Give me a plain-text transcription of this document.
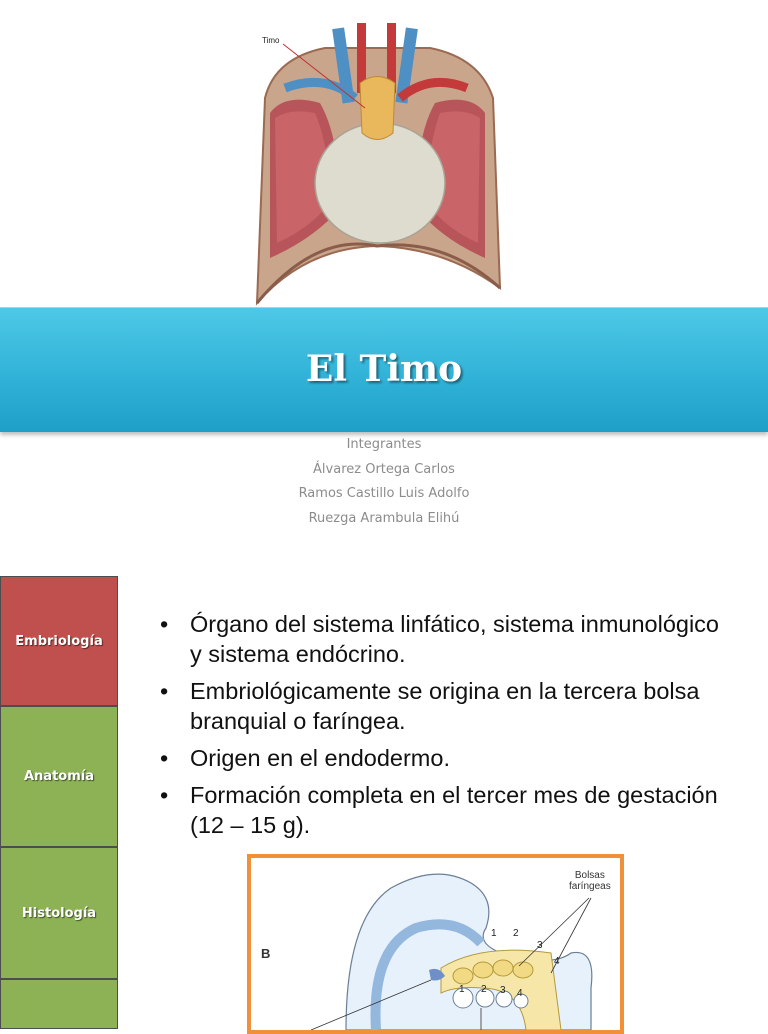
Timo
El Timo
Integrantes
Álvarez Ortega Carlos
Ramos Castillo Luis Adolfo
Ruezga Arambula Elihú
Embriología
Anatomía
Histología
• Órgano del sistema linfático, sistema inmunológico y sistema endócrino.
• Embriológicamente se origina en la tercera bolsa branquial o faríngea.
• Origen en el endodermo.
• Formación completa en el tercer mes de gestación (12 – 15 g).
B
Bolsas
faríngeas
1 2
3
4
1 2 3 4
